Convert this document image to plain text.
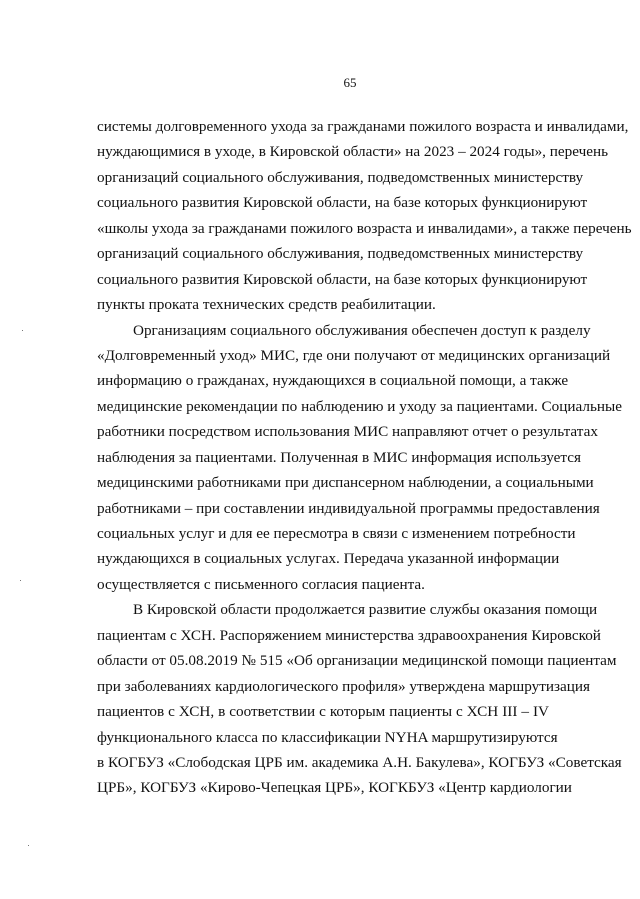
65
системы долговременного ухода за гражданами пожилого возраста и инвалидами,
нуждающимися в уходе, в Кировской области» на 2023 – 2024 годы», перечень
организаций социального обслуживания, подведомственных министерству
социального развития Кировской области, на базе которых функционируют
«школы ухода за гражданами пожилого возраста и инвалидами», а также перечень
организаций социального обслуживания, подведомственных министерству
социального развития Кировской области, на базе которых функционируют
пункты проката технических средств реабилитации.
Организациям социального обслуживания обеспечен доступ к разделу
«Долговременный уход» МИС, где они получают от медицинских организаций
информацию о гражданах, нуждающихся в социальной помощи, а также
медицинские рекомендации по наблюдению и уходу за пациентами. Социальные
работники посредством использования МИС направляют отчет о результатах
наблюдения за пациентами. Полученная в МИС информация используется
медицинскими работниками при диспансерном наблюдении, а социальными
работниками – при составлении индивидуальной программы предоставления
социальных услуг и для ее пересмотра в связи с изменением потребности
нуждающихся в социальных услугах. Передача указанной информации
осуществляется с письменного согласия пациента.
В Кировской области продолжается развитие службы оказания помощи
пациентам с ХСН. Распоряжением министерства здравоохранения Кировской
области от 05.08.2019 № 515 «Об организации медицинской помощи пациентам
при заболеваниях кардиологического профиля» утверждена маршрутизация
пациентов с ХСН, в соответствии с которым пациенты с ХСН III – IV
функционального класса по классификации NYHA маршрутизируются
в КОГБУЗ «Слободская ЦРБ им. академика А.Н. Бакулева», КОГБУЗ «Советская
ЦРБ», КОГБУЗ «Кирово-Чепецкая ЦРБ», КОГКБУЗ «Центр кардиологии
